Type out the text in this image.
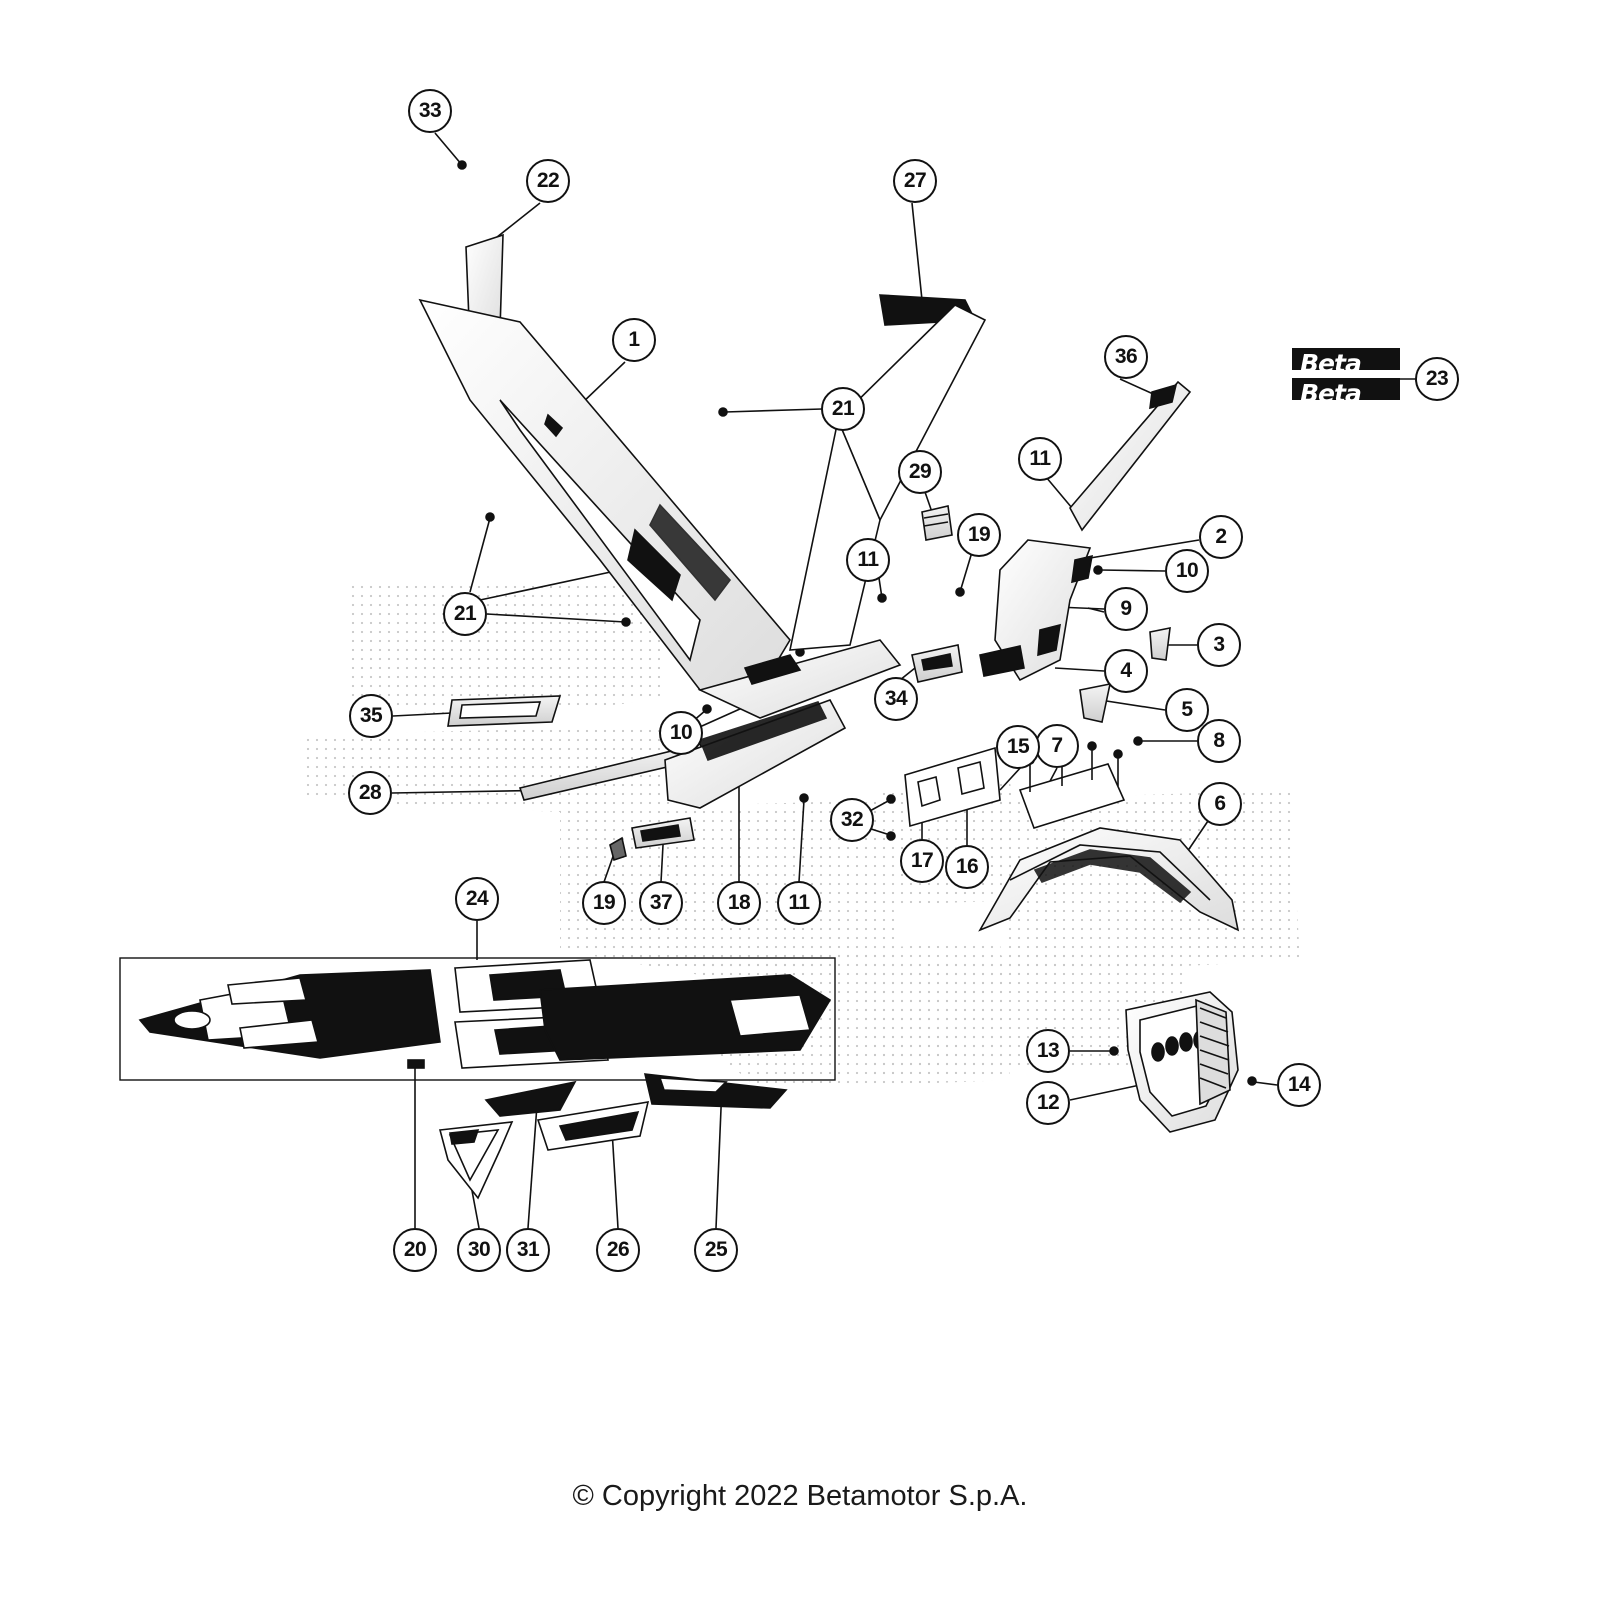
Beta
Beta
1
2
3
4
5
6
7	8
9
10
10
11
11
11
12
13
14
15
16
17
18
19
19
20
21
21
22
23
24
25
26
27
28
29
30	31
32
33
34
35
36
37
© Copyright 2022 Betamotor S.p.A.
